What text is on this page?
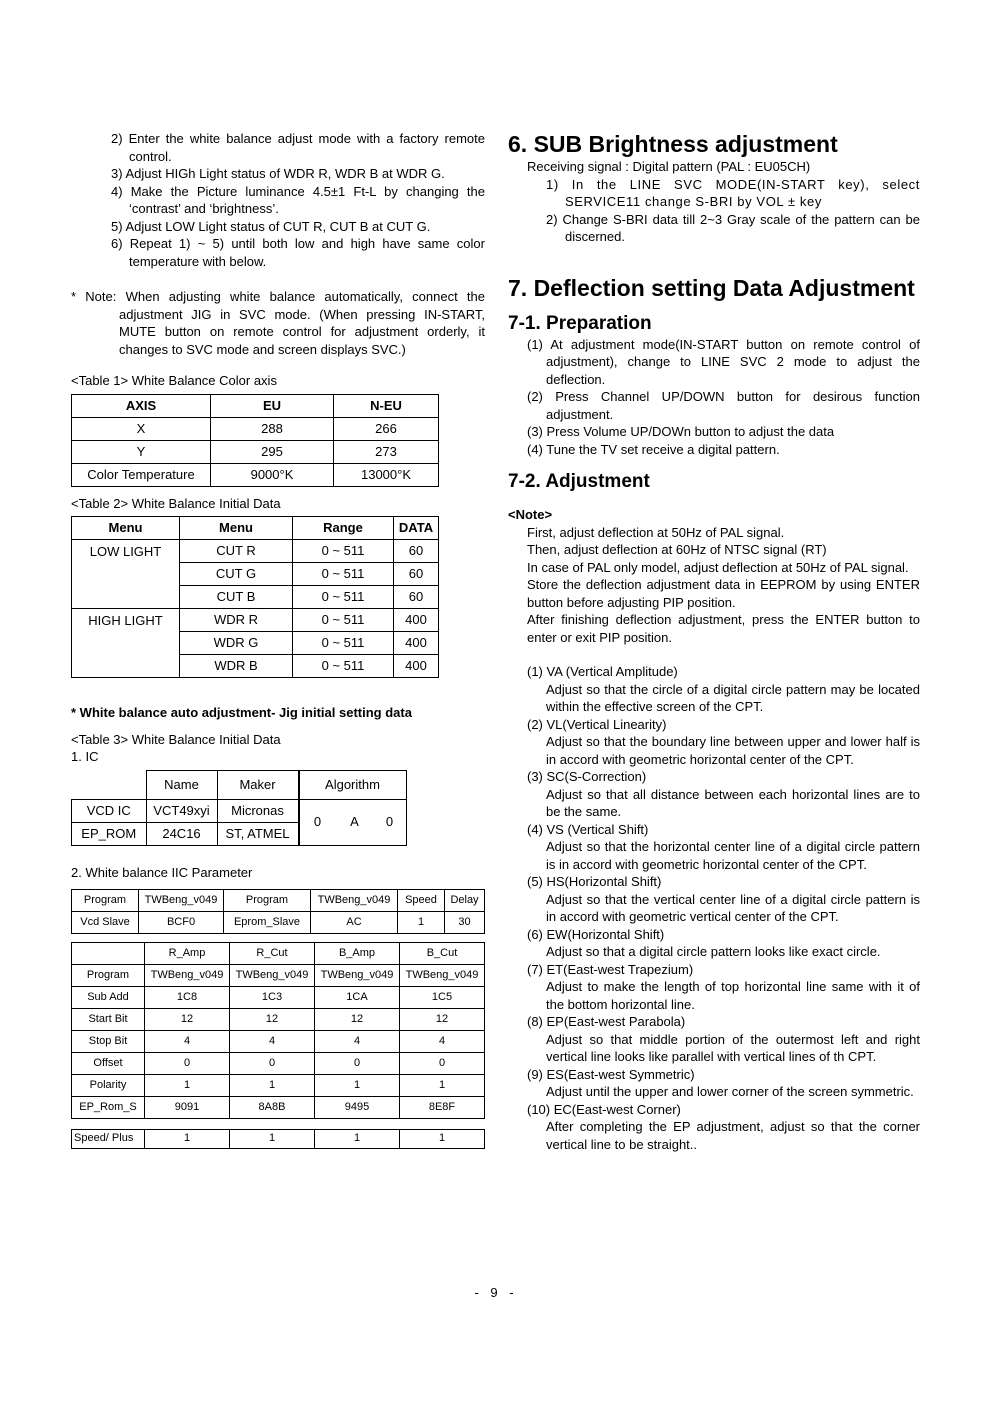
2) Enter the white balance adjust mode with a factory remote control.
3) Adjust HIGh Light status of WDR R, WDR B at WDR G.
4) Make the Picture luminance 4.5±1 Ft-L by changing the ‘contrast’ and ‘brightness’.
5) Adjust LOW Light status of CUT R, CUT B at CUT G.
6) Repeat 1) ~ 5) until both low and high have same color temperature with below.
* Note: When adjusting white balance automatically, connect the adjustment JIG in SVC mode. (When pressing IN-START, MUTE button on remote control for adjustment orderly, it changes to SVC mode and screen displays SVC.)
<Table 1> White Balance Color axis
AXIS	EU	N-EU
X	288	266
Y	295	273
Color Temperature	9000°K	13000°K
<Table 2> White Balance Initial Data
Menu	Menu	Range	DATA
LOW LIGHT	CUT R	0 ~ 511	60
	CUT G	0 ~ 511	60
	CUT B	0 ~ 511	60
HIGH LIGHT	WDR R	0 ~ 511	400
	WDR G	0 ~ 511	400
	WDR B	0 ~ 511	400
* White balance auto adjustment- Jig initial setting data
<Table 3> White Balance Initial Data
1. IC
	Name	Maker	Algorithm		
VCD IC	VCT49xyi	Micronas	0	A	0
EP_ROM	24C16	ST, ATMEL			
2. White balance IIC Parameter
Program	TWBeng_v049	Program	TWBeng_v049	Speed	Delay
Vcd Slave	BCF0	Eprom_Slave	AC	1	30
	R_Amp	R_Cut	B_Amp	B_Cut
Program	TWBeng_v049	TWBeng_v049	TWBeng_v049	TWBeng_v049
Sub Add	1C8	1C3	1CA	1C5
Start Bit	12	12	12	12
Stop Bit	4	4	4	4
Offset	0	0	0	0
Polarity	1	1	1	1
EP_Rom_S	9091	8A8B	9495	8E8F
Speed/ Plus	1	1	1	1
6. SUB Brightness adjustment
Receiving signal : Digital pattern (PAL : EU05CH)
1) In the LINE SVC MODE(IN-START key), select SERVICE11 change S-BRI by VOL ± key
2) Change S-BRI data till 2~3 Gray scale of the pattern can be discerned.
7. Deflection setting Data Adjustment
7-1. Preparation
(1) At adjustment mode(IN-START button on remote control of adjustment), change to LINE SVC 2 mode to adjust the deflection.
(2) Press Channel UP/DOWN button for desirous function adjustment.
(3) Press Volume UP/DOWn button to adjust the data
(4) Tune the TV set receive a digital pattern.
7-2. Adjustment
<Note>
First, adjust deflection at 50Hz of PAL signal.
Then, adjust deflection at 60Hz of NTSC signal (RT)
In case of PAL only model, adjust deflection at 50Hz of PAL signal.
Store the deflection adjustment data in EEPROM by using ENTER button before adjusting PIP position.
After finishing deflection adjustment, press the ENTER button to enter or exit PIP position.
(1) VA (Vertical Amplitude)
Adjust so that the circle of a digital circle pattern may be located within the effective screen of the CPT.
(2) VL(Vertical Linearity)
Adjust so that the boundary line between upper and lower half is in accord with geometric horizontal center of the CPT.
(3) SC(S-Correction)
Adjust so that all distance between each horizontal lines are to be the same.
(4) VS (Vertical Shift)
Adjust so that the horizontal center line of a digital circle pattern is in accord with geometric horizontal center of the CPT.
(5) HS(Horizontal Shift)
Adjust so that the vertical center line of a digital circle pattern is in accord with geometric vertical center of the CPT.
(6) EW(Horizontal Shift)
Adjust so that a digital circle pattern looks like exact circle.
(7) ET(East-west Trapezium)
Adjust to make the length of top horizontal line same with it of the bottom horizontal line.
(8) EP(East-west Parabola)
Adjust so that middle portion of the outermost left and right vertical line looks like parallel with vertical lines of th CPT.
(9) ES(East-west Symmetric)
Adjust until the upper and lower corner of the screen symmetric.
(10) EC(East-west Corner)
After completing the EP adjustment, adjust so that the corner vertical line to be straight..
- 9 -
